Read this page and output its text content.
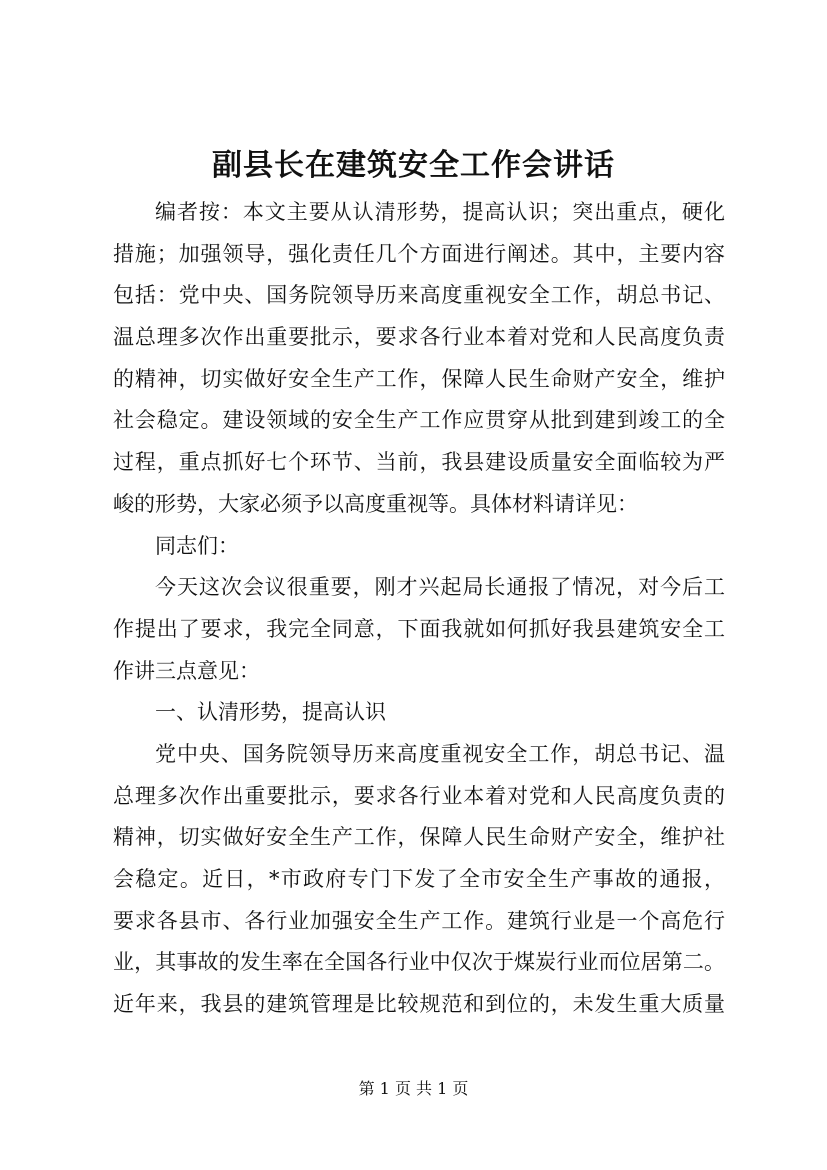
副县长在建筑安全工作会讲话
编者按：本文主要从认清形势，提高认识；突出重点，硬化
措施；加强领导，强化责任几个方面进行阐述。其中，主要内容
包括：党中央、国务院领导历来高度重视安全工作，胡总书记、
温总理多次作出重要批示，要求各行业本着对党和人民高度负责
的精神，切实做好安全生产工作，保障人民生命财产安全，维护
社会稳定。建设领域的安全生产工作应贯穿从批到建到竣工的全
过程，重点抓好七个环节、当前，我县建设质量安全面临较为严
峻的形势，大家必须予以高度重视等。具体材料请详见：
同志们：
今天这次会议很重要，刚才兴起局长通报了情况，对今后工
作提出了要求，我完全同意，下面我就如何抓好我县建筑安全工
作讲三点意见：
一、认清形势，提高认识
党中央、国务院领导历来高度重视安全工作，胡总书记、温
总理多次作出重要批示，要求各行业本着对党和人民高度负责的
精神，切实做好安全生产工作，保障人民生命财产安全，维护社
会稳定。近日，*市政府专门下发了全市安全生产事故的通报，
要求各县市、各行业加强安全生产工作。建筑行业是一个高危行
业，其事故的发生率在全国各行业中仅次于煤炭行业而位居第二。
近年来，我县的建筑管理是比较规范和到位的，未发生重大质量
第 1 页 共 1 页
